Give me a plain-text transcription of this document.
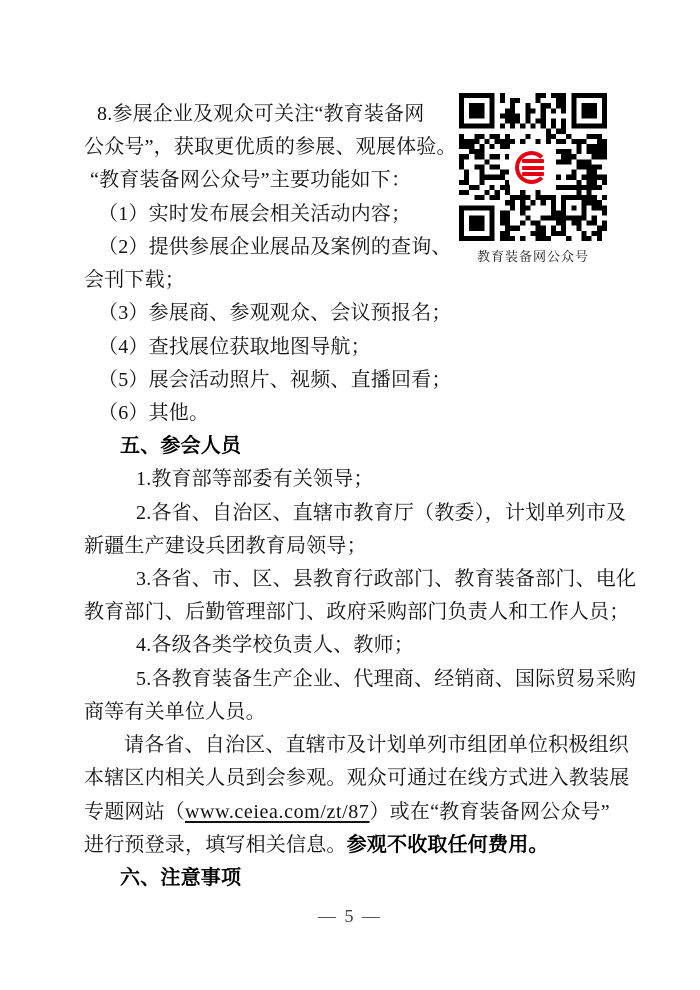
教育装备网公众号
8.参展企业及观众可关注“教育装备网
公众号”，获取更优质的参展、观展体验。
“教育装备网公众号”主要功能如下：
（1）实时发布展会相关活动内容；
（2）提供参展企业展品及案例的查询、
会刊下载；
（3）参展商、参观观众、会议预报名；
（4）查找展位获取地图导航；
（5）展会活动照片、视频、直播回看；
（6）其他。
五、参会人员
1.教育部等部委有关领导；
2.各省、自治区、直辖市教育厅（教委），计划单列市及
新疆生产建设兵团教育局领导；
3.各省、市、区、县教育行政部门、教育装备部门、电化
教育部门、后勤管理部门、政府采购部门负责人和工作人员；
4.各级各类学校负责人、教师；
5.各教育装备生产企业、代理商、经销商、国际贸易采购
商等有关单位人员。
请各省、自治区、直辖市及计划单列市组团单位积极组织
本辖区内相关人员到会参观。观众可通过在线方式进入教装展
专题网站（www.ceiea.com/zt/87）或在“教育装备网公众号”
进行预登录，填写相关信息。参观不收取任何费用。
六、注意事项
— 5 —
